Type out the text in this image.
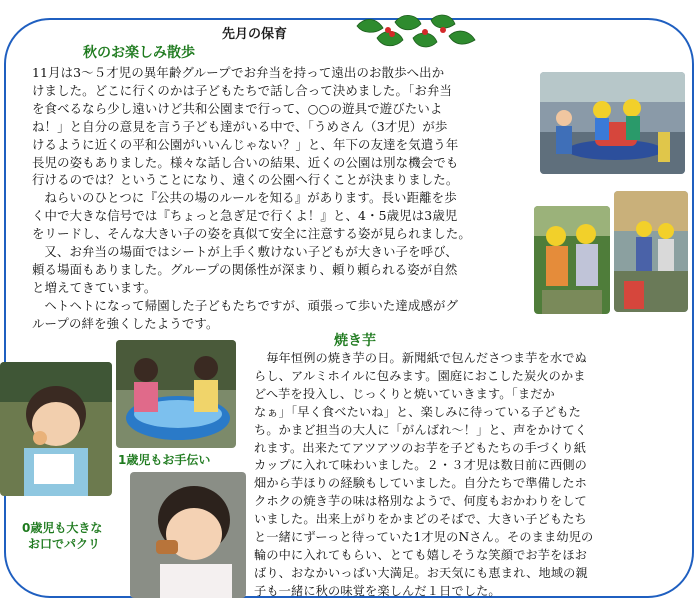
先月の保育
秋のお楽しみ散歩
11月は3～５才児の異年齢グループでお弁当を持って遠出のお散歩へ出か
けました。どこに行くのかは子どもたちで話し合って決めました。「お弁当
を食べるなら少し遠いけど共和公園まで行って、○○の遊具で遊びたいよ
ね！」と自分の意見を言う子ども達がいる中で、「うめさん（3才児）が歩
けるように近くの平和公園がいいんじゃない？」と、年下の友達を気遣う年
長児の姿もありました。様々な話し合いの結果、近くの公園は別な機会でも
行けるのでは？ということになり、遠くの公園へ行くことが決まりました。
ねらいのひとつに『公共の場のルールを知る』があります。長い距離を歩
く中で大きな信号では『ちょっと急ぎ足で行くよ！』と、4・5歳児は3歳児
をリードし、そんな大きい子の姿を真似て安全に注意する姿が見られました。
又、お弁当の場面ではシートが上手く敷けない子どもが大きい子を呼び、
頼る場面もありました。グループの関係性が深まり、頼り頼られる姿が自然
と増えてきています。
ヘトヘトになって帰園した子どもたちですが、頑張って歩いた達成感がグ
ループの絆を強くしたようです。
焼き芋
毎年恒例の焼き芋の日。新聞紙で包んださつま芋を水でぬ
らし、アルミホイルに包みます。園庭におこした炭火のかま
どへ芋を投入し、じっくりと焼いていきます。「まだか
なぁ」「早く食べたいね」と、楽しみに待っている子どもた
ち。かまど担当の大人に「がんばれ～！」と、声をかけてく
れます。出来たてアツアツのお芋を子どもたちの手づくり紙
カップに入れて味わいました。２・３才児は数日前に西側の
畑から芋ほりの経験もしていました。自分たちで準備したホ
クホクの焼き芋の味は格別なようで、何度もおかわりをして
いました。出来上がりをかまどのそばで、大きい子どもたち
と一緒にずーっと待っていた1才児のNさん。そのまま幼児の
輪の中に入れてもらい、とても嬉しそうな笑顔でお芋をほお
ばり、おなかいっぱい大満足。お天気にも恵まれ、地域の親
子も一緒に秋の味覚を楽しんだ１日でした。

1歳児もお手伝い

0歳児も大きな
お口でパクリ
